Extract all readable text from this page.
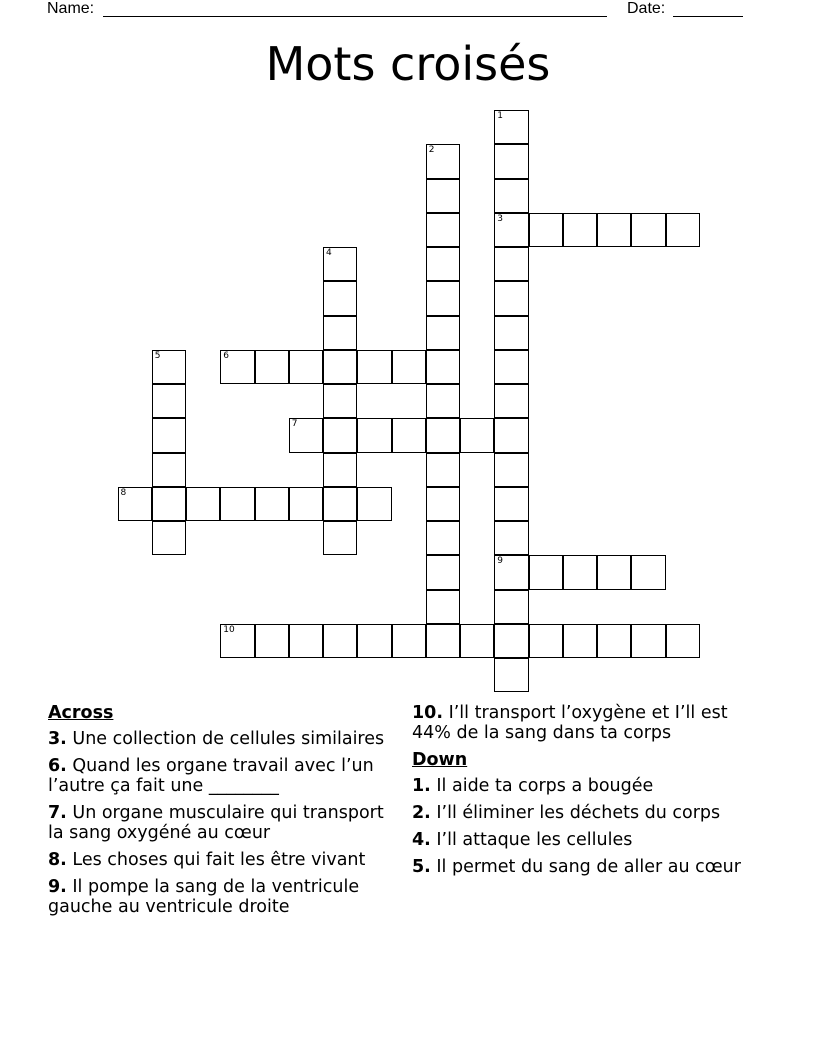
Name:	Date:
Mots croisés
1
3
9
2
4
5	6
7
8
10
Across
3. Une collection de cellules similaires
6. Quand les organe travail avec l’un l’autre ça fait une ________
7. Un organe musculaire qui transport la sang oxygéné au cœur
8. Les choses qui fait les être vivant
9. Il pompe la sang de la ventricule gauche au ventricule droite
10. I’ll transport l’oxygène et I’ll est 44% de la sang dans ta corps
Down
1. Il aide ta corps a bougée
2. I’ll éliminer les déchets du corps
4. I’ll attaque les cellules
5. Il permet du sang de aller au cœur
